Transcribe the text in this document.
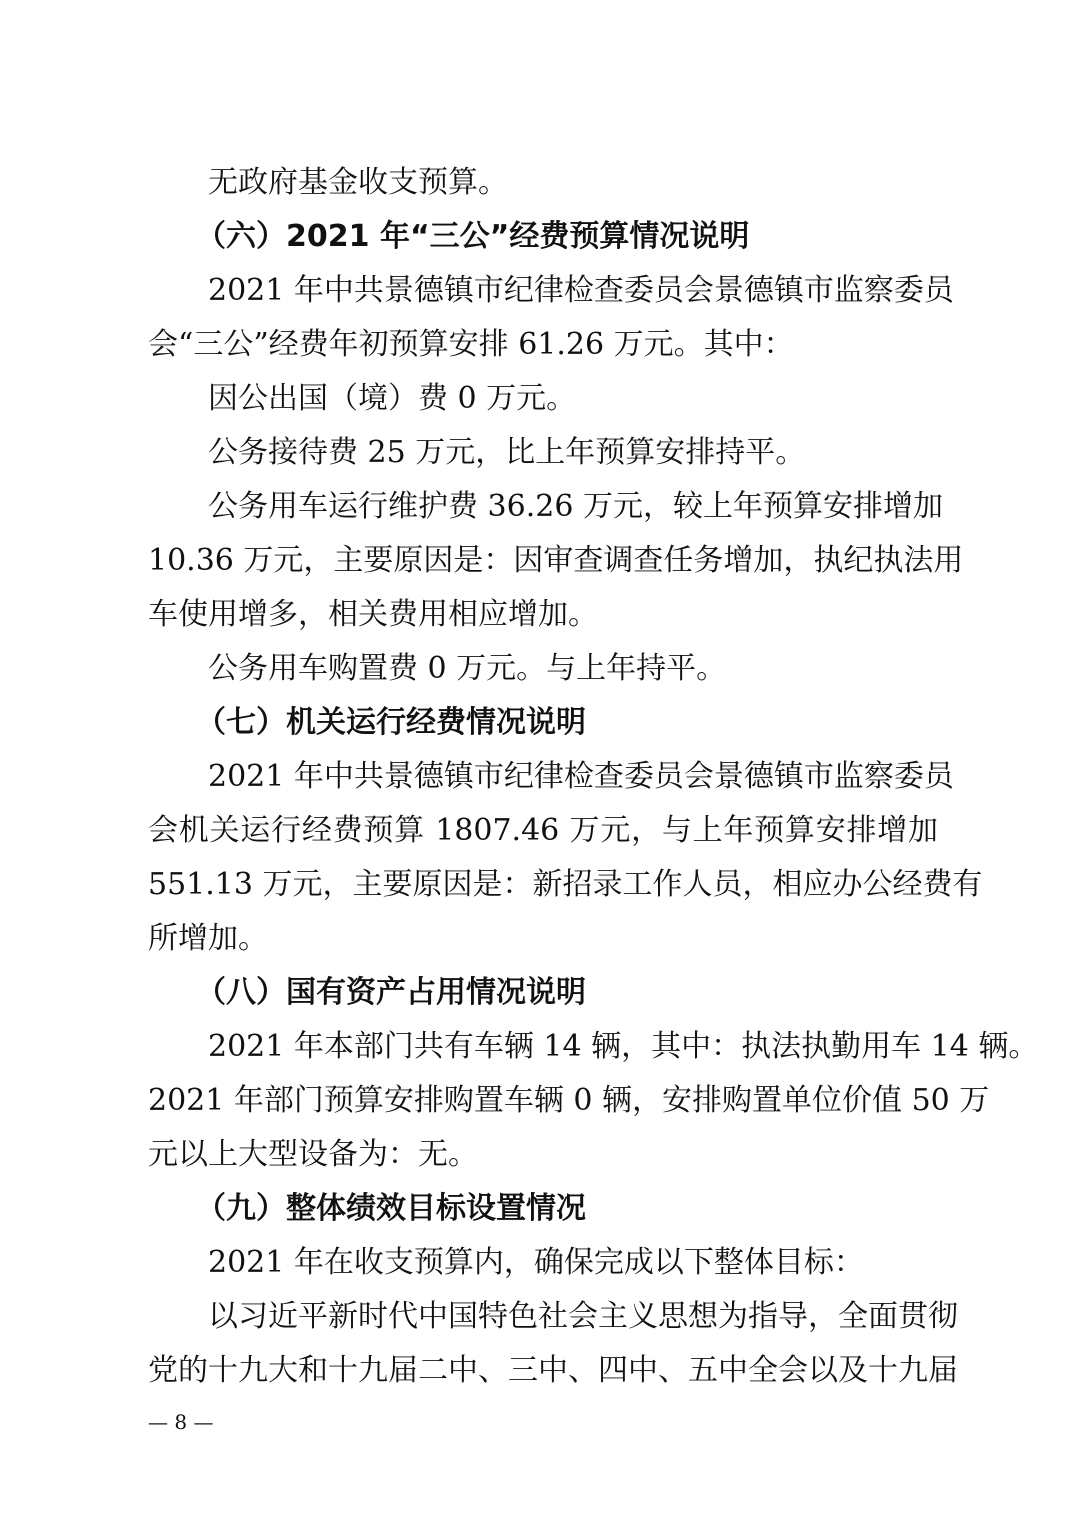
无政府基金收支预算。
（六）2021 年“三公”经费预算情况说明
2021 年中共景德镇市纪律检查委员会景德镇市监察委员
会“三公”经费年初预算安排 61.26 万元。其中：
因公出国（境）费 0 万元。
公务接待费 25 万元，比上年预算安排持平。
公务用车运行维护费 36.26 万元，较上年预算安排增加
10.36 万元，主要原因是：因审查调查任务增加，执纪执法用
车使用增多，相关费用相应增加。
公务用车购置费 0 万元。与上年持平。
（七）机关运行经费情况说明
2021 年中共景德镇市纪律检查委员会景德镇市监察委员
会机关运行经费预算 1807.46 万元，与上年预算安排增加
551.13 万元，主要原因是：新招录工作人员，相应办公经费有
所增加。
（八）国有资产占用情况说明
2021 年本部门共有车辆 14 辆，其中：执法执勤用车 14 辆。
2021 年部门预算安排购置车辆 0 辆，安排购置单位价值 50 万
元以上大型设备为：无。
（九）整体绩效目标设置情况
2021 年在收支预算内，确保完成以下整体目标：
以习近平新时代中国特色社会主义思想为指导，全面贯彻
党的十九大和十九届二中、三中、四中、五中全会以及十九届
— 8 —
